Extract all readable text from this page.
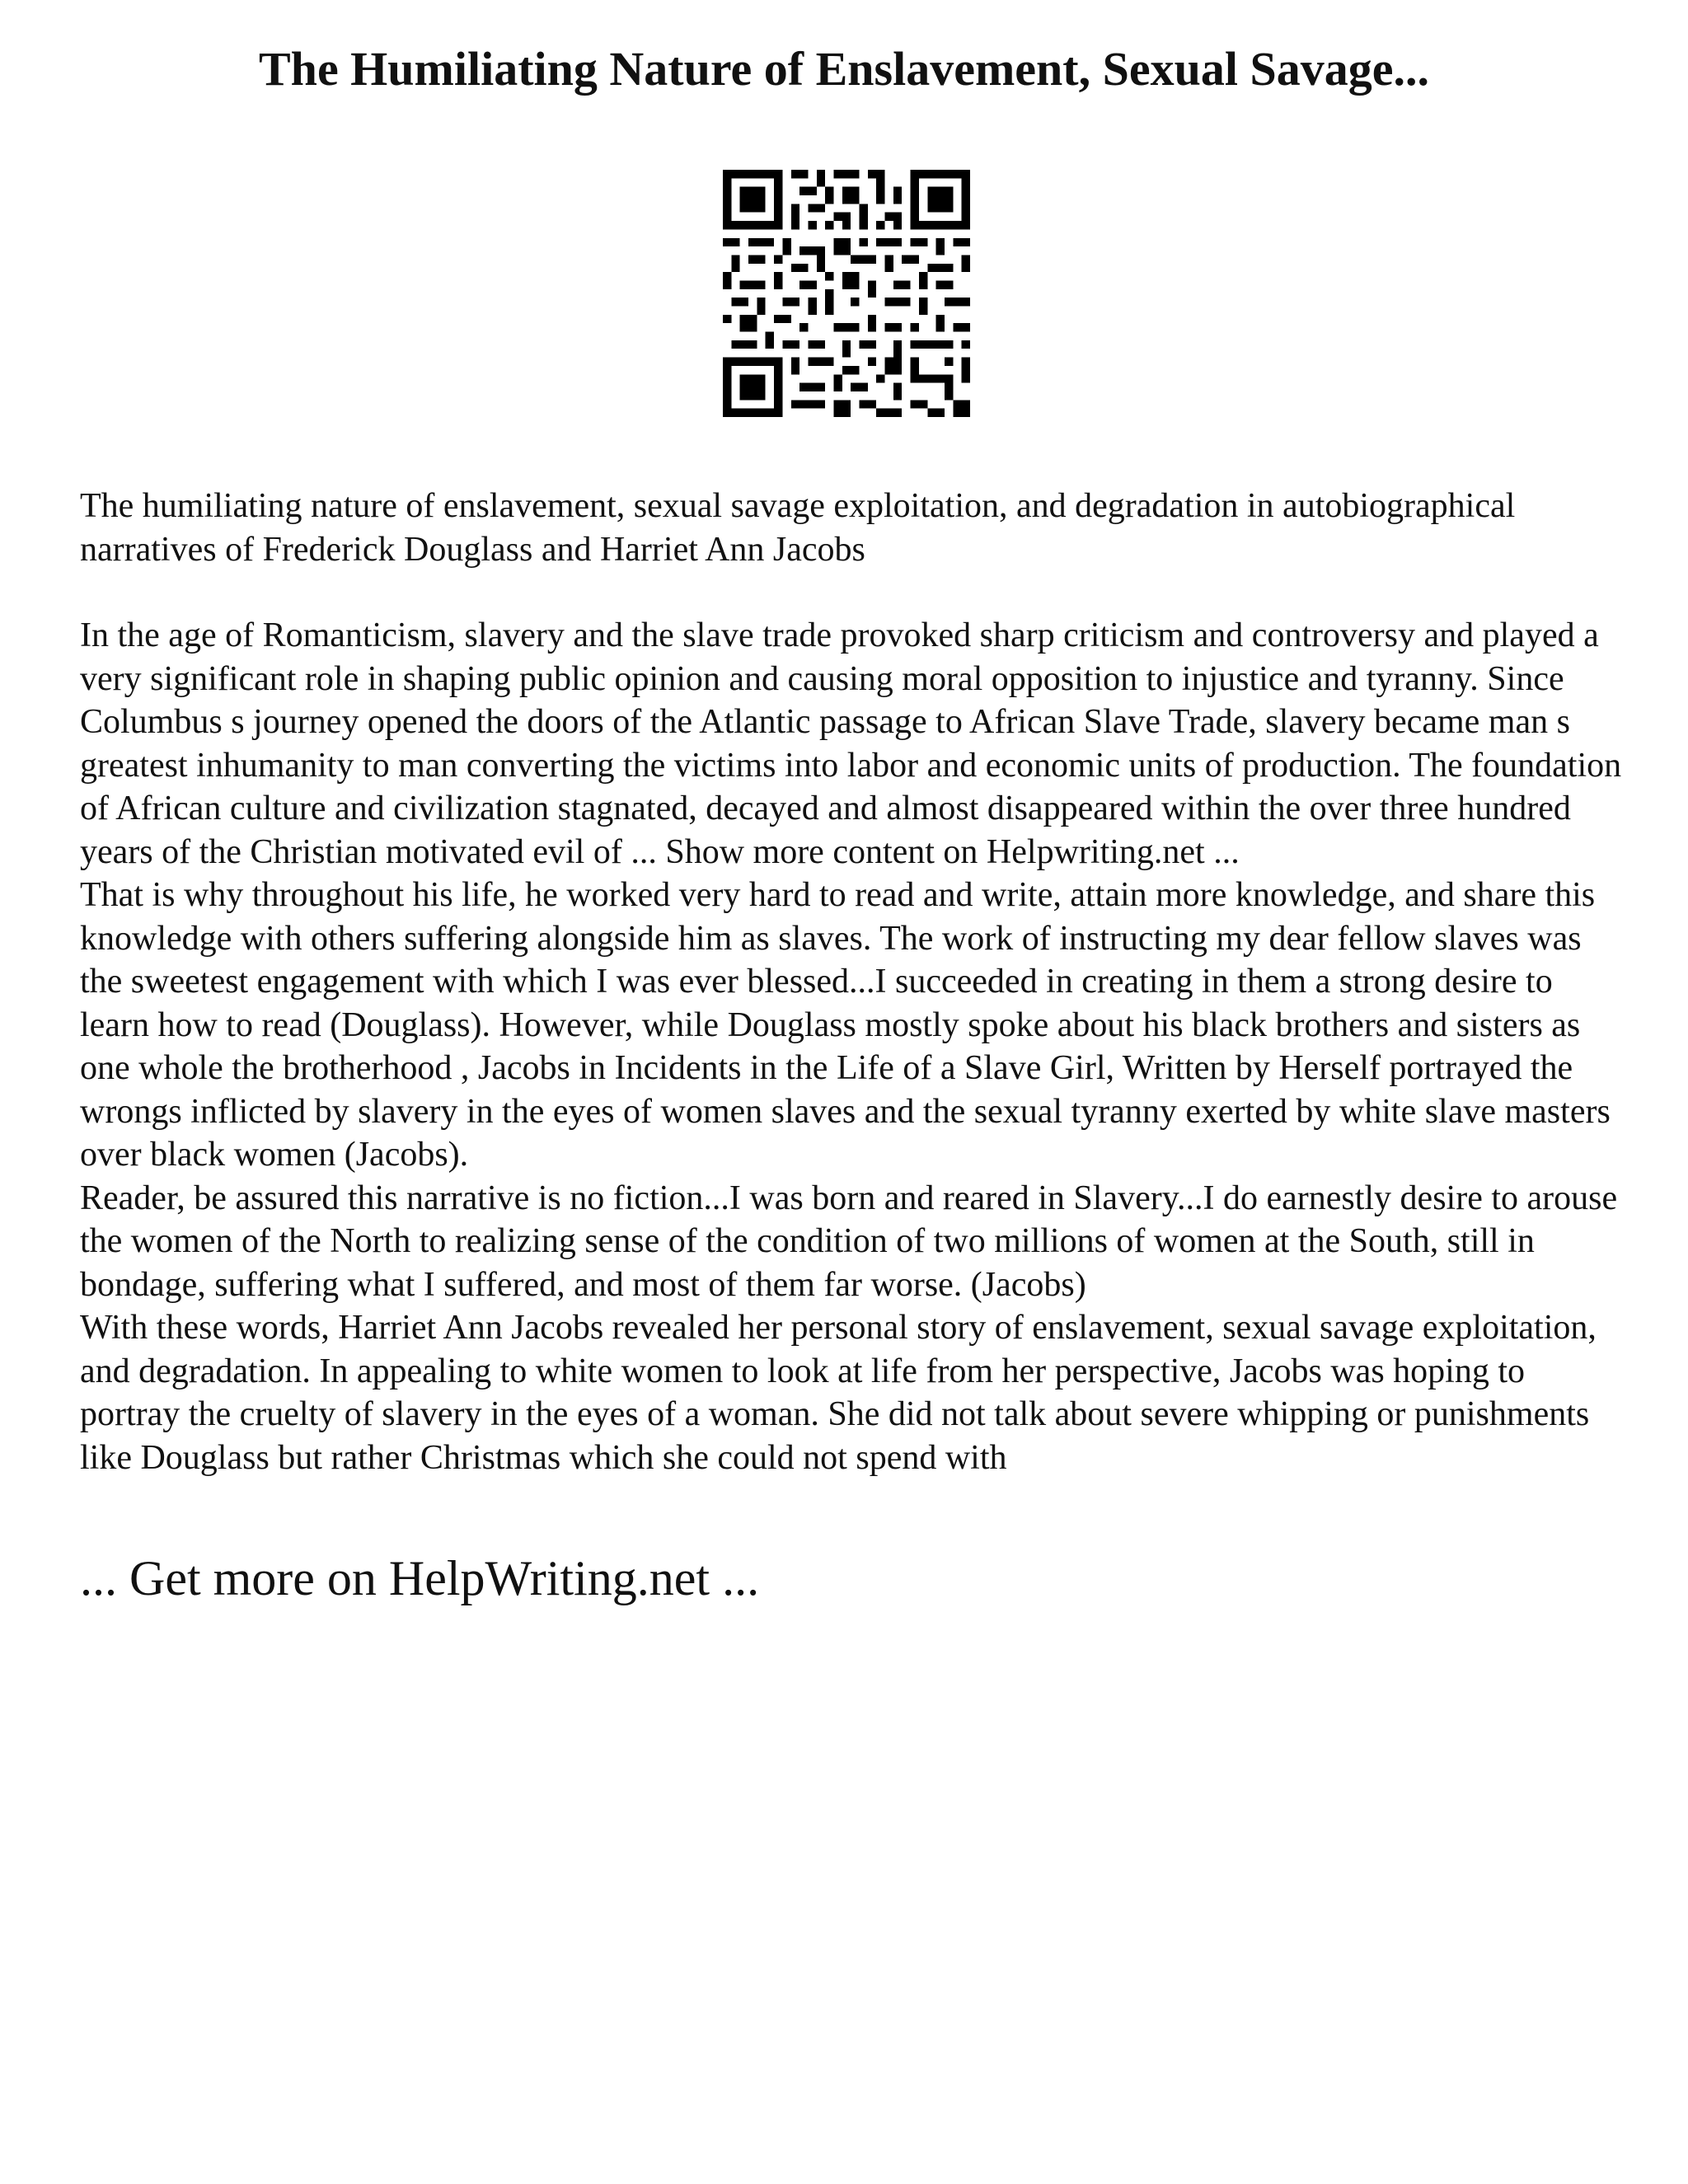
The Humiliating Nature of Enslavement, Sexual Savage...

The humiliating nature of enslavement, sexual savage exploitation, and degradation in autobiographical narratives of Frederick Douglass and Harriet Ann Jacobs

In the age of Romanticism, slavery and the slave trade provoked sharp criticism and controversy and played a very significant role in shaping public opinion and causing moral opposition to injustice and tyranny. Since Columbus s journey opened the doors of the Atlantic passage to African Slave Trade, slavery became man s greatest inhumanity to man converting the victims into labor and economic units of production. The foundation of African culture and civilization stagnated, decayed and almost disappeared within the over three hundred years of the Christian motivated evil of ... Show more content on Helpwriting.net ...

That is why throughout his life, he worked very hard to read and write, attain more knowledge, and share this knowledge with others suffering alongside him as slaves. The work of instructing my dear fellow slaves was the sweetest engagement with which I was ever blessed...I succeeded in creating in them a strong desire to learn how to read (Douglass). However, while Douglass mostly spoke about his black brothers and sisters as one whole the brotherhood , Jacobs in Incidents in the Life of a Slave Girl, Written by Herself portrayed the wrongs inflicted by slavery in the eyes of women slaves and the sexual tyranny exerted by white slave masters over black women (Jacobs).

Reader, be assured this narrative is no fiction...I was born and reared in Slavery...I do earnestly desire to arouse the women of the North to realizing sense of the condition of two millions of women at the South, still in bondage, suffering what I suffered, and most of them far worse. (Jacobs)

With these words, Harriet Ann Jacobs revealed her personal story of enslavement, sexual savage exploitation, and degradation. In appealing to white women to look at life from her perspective, Jacobs was hoping to portray the cruelty of slavery in the eyes of a woman. She did not talk about severe whipping or punishments like Douglass but rather Christmas which she could not spend with

... Get more on HelpWriting.net ...
